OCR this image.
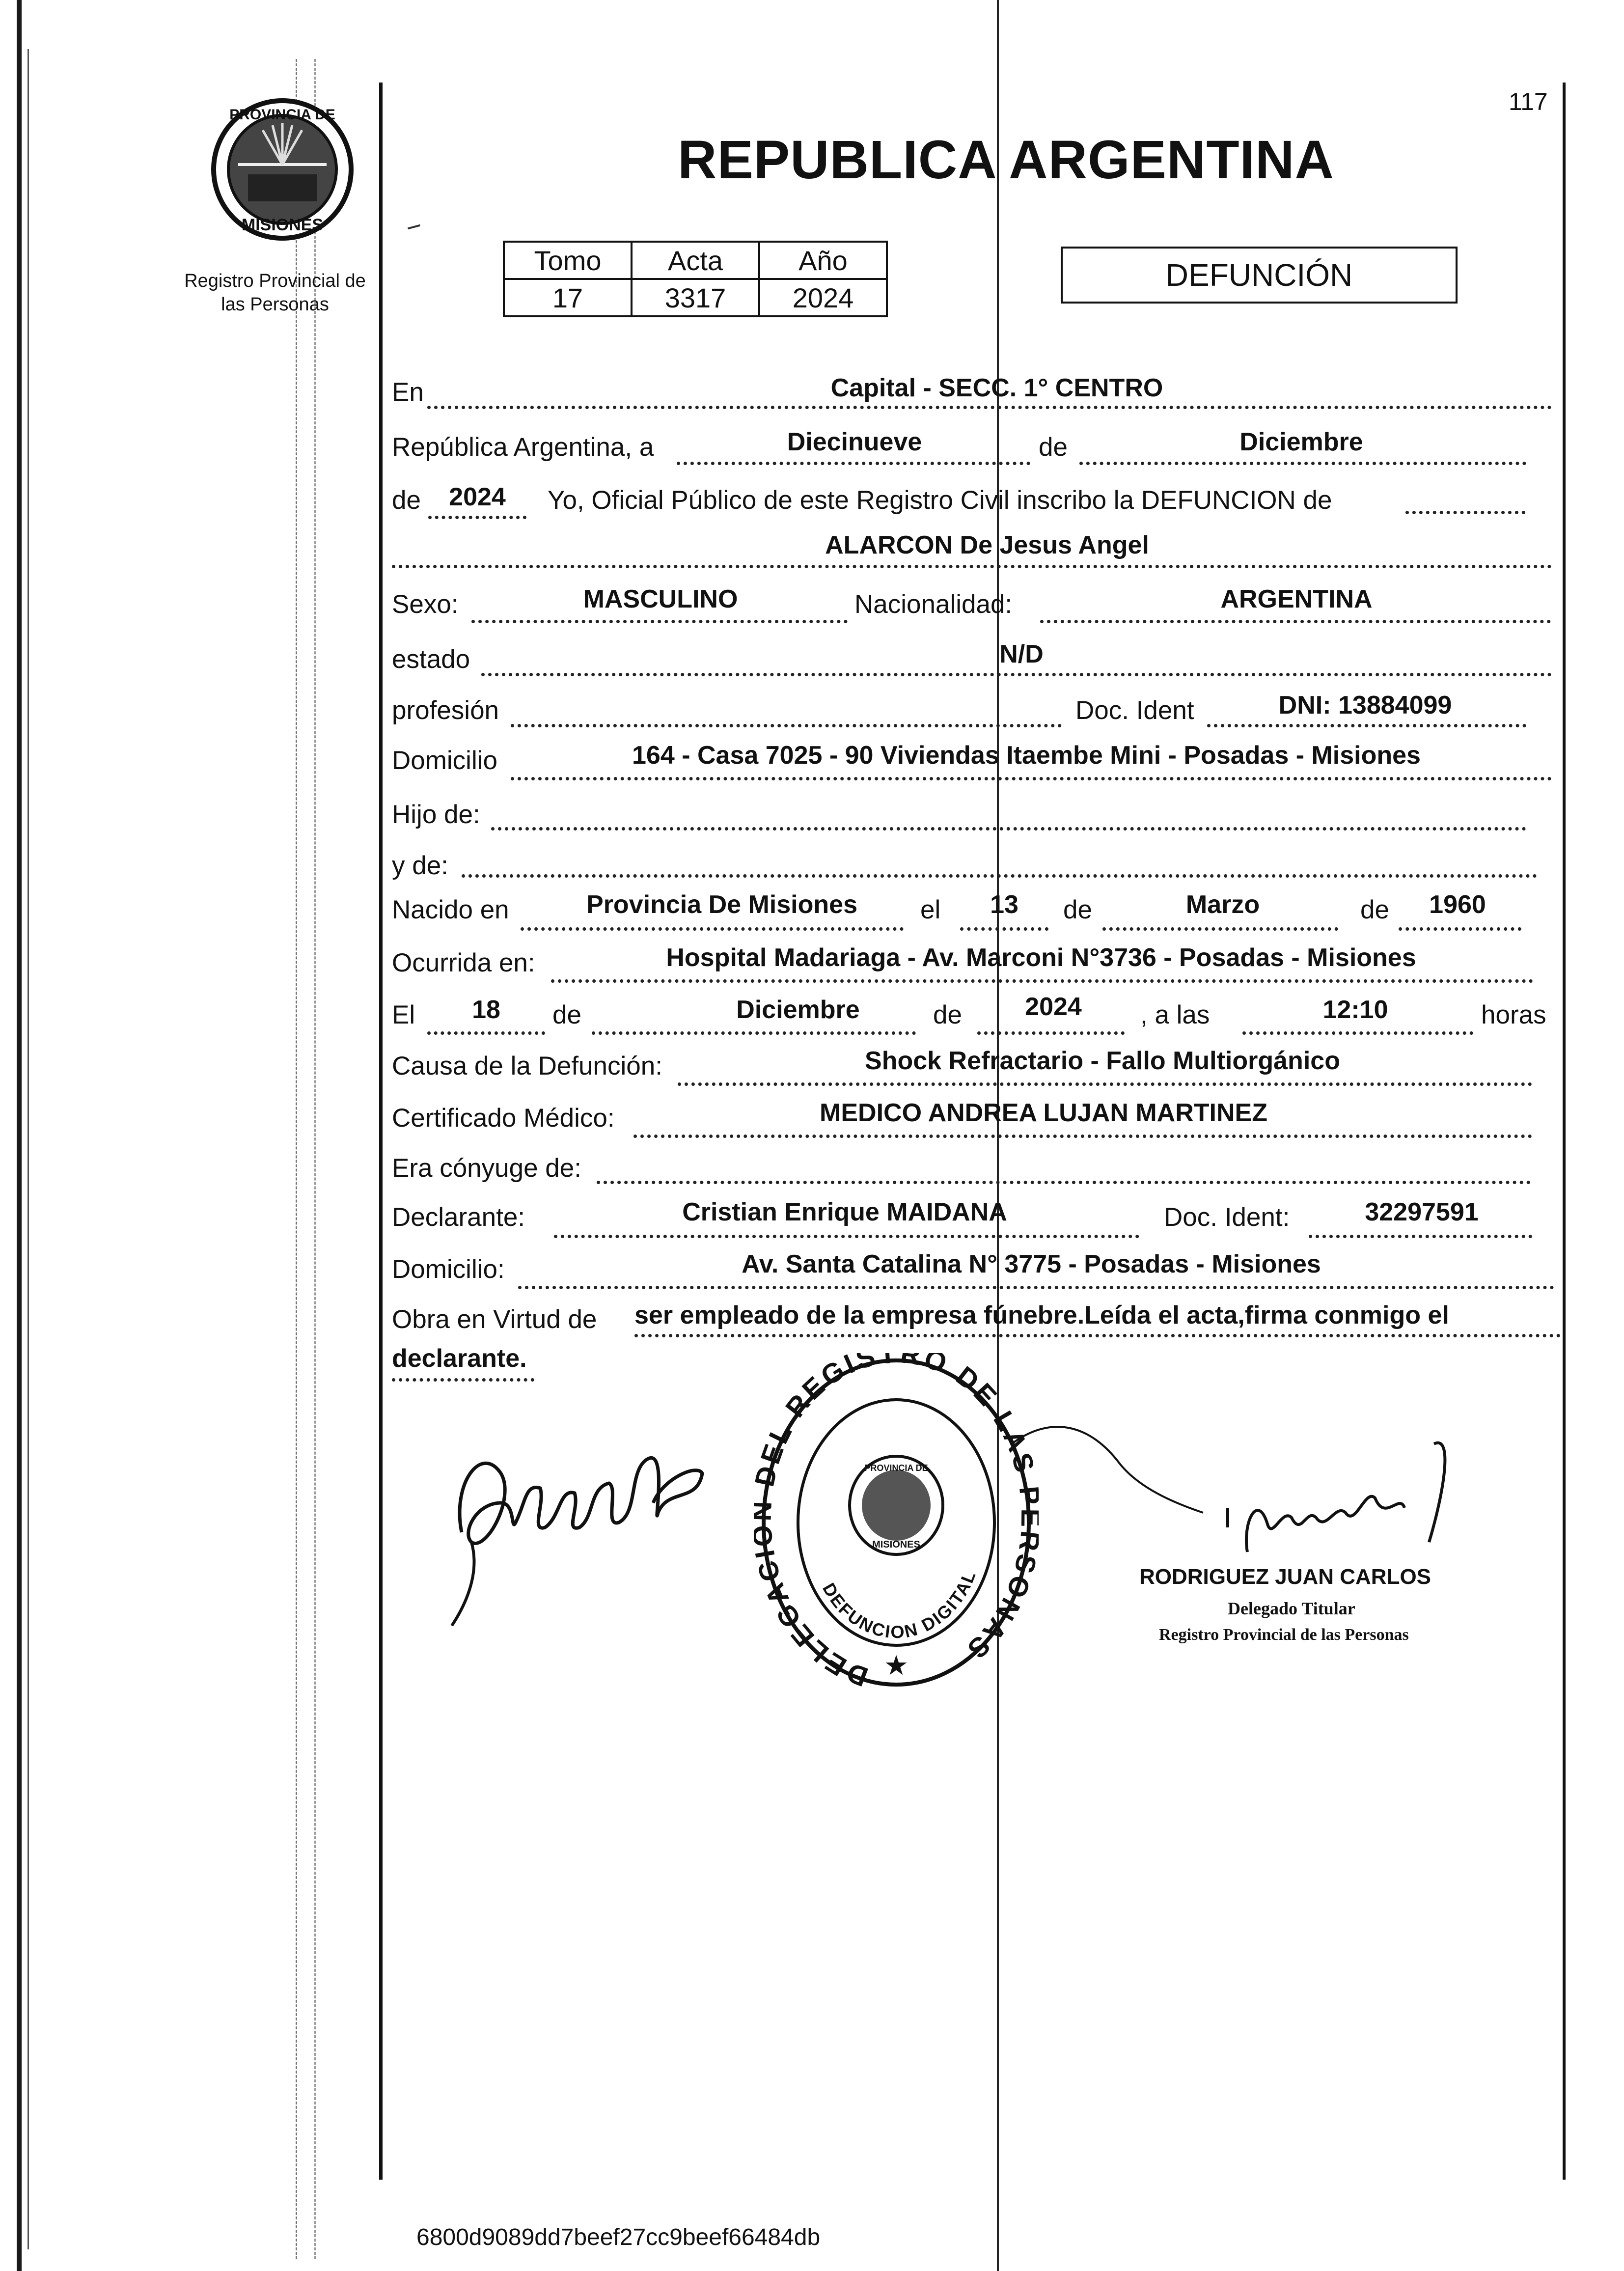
117
PROVINCIA DE
MISIONES
Registro Provincial de
las Personas
REPUBLICA ARGENTINA
Tomo	Acta	Año
17	3317	2024
DEFUNCIÓN
En	Capital - SECC. 1° CENTRO
República Argentina, a	Diecinueve	de	Diciembre
de 2024 Yo, Oficial Público de este Registro Civil inscribo la DEFUNCION de
ALARCON De Jesus Angel
Sexo:	MASCULINO	Nacionalidad:	ARGENTINA
estado	N/D
profesión	Doc. Ident	DNI: 13884099
Domicilio	164 - Casa 7025 - 90 Viviendas Itaembe Mini - Posadas - Misiones
Hijo de:
y de:
Nacido en	Provincia De Misiones el 13 de	Marzo	de 1960
Ocurrida en:	Hospital Madariaga - Av. Marconi N°3736 - Posadas - Misiones
El 18 de	Diciembre	de 2024 , a las	12:10	horas
Causa de la Defunción:	Shock Refractario - Fallo Multiorgánico
Certificado Médico:	MEDICO ANDREA LUJAN MARTINEZ
Era cónyuge de:
Declarante:	Cristian Enrique MAIDANA	Doc. Ident:	32297591
Domicilio:	Av. Santa Catalina N° 3775 - Posadas - Misiones
Obra en Virtud de ser empleado de la empresa fúnebre.Leída el acta,firma conmigo el
declarante.
DELEGAC EL REGISTRO DE LAS ONAS
DEFUNCION DIGITAL
PROVINCIA DE
MISIONES
★
RODRIGUEZ JUAN CARLOS
Delegado Titular
Registro Provincial de las Personas
6800d9089dd7beef27cc9beef66484db
